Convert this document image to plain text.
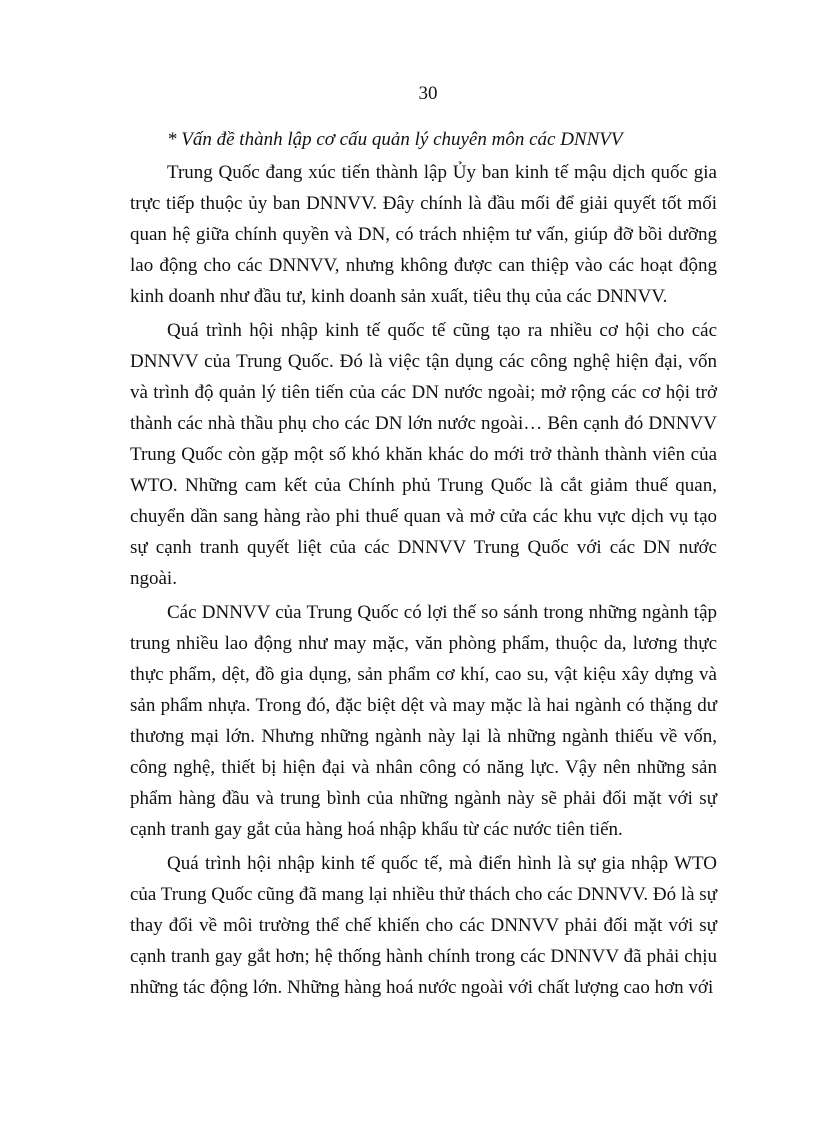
30

* Vấn đề thành lập cơ cấu quản lý chuyên môn các DNNVV

Trung Quốc đang xúc tiến thành lập Ủy ban kinh tế mậu dịch quốc gia trực tiếp thuộc ủy ban DNNVV. Đây chính là đầu mối để giải quyết tốt mối quan hệ giữa chính quyền và DN, có trách nhiệm tư vấn, giúp đỡ bồi dưỡng lao động cho các DNNVV, nhưng không được can thiệp vào các hoạt động kinh doanh như đầu tư, kinh doanh sản xuất, tiêu thụ của các DNNVV.

Quá trình hội nhập kinh tế quốc tế cũng tạo ra nhiều cơ hội cho các DNNVV của Trung Quốc. Đó là việc tận dụng các công nghệ hiện đại, vốn và trình độ quản lý tiên tiến của các DN nước ngoài; mở rộng các cơ hội trở thành các nhà thầu phụ cho các DN lớn nước ngoài… Bên cạnh đó DNNVV Trung Quốc còn gặp một số khó khăn khác do mới trở thành thành viên của WTO. Những cam kết của Chính phủ Trung Quốc là cắt giảm thuế quan, chuyển dần sang hàng rào phi thuế quan và mở cửa các khu vực dịch vụ tạo sự cạnh tranh quyết liệt của các DNNVV Trung Quốc với các DN nước ngoài.

Các DNNVV của Trung Quốc có lợi thế so sánh trong những ngành tập trung nhiều lao động như may mặc, văn phòng phẩm, thuộc da, lương thực thực phẩm, dệt, đồ gia dụng, sản phẩm cơ khí, cao su, vật kiệu xây dựng và sản phẩm nhựa. Trong đó, đặc biệt dệt và may mặc là hai ngành có thặng dư thương mại lớn. Nhưng những ngành này lại là những ngành thiếu về vốn, công nghệ, thiết bị hiện đại và nhân công có năng lực. Vậy nên những sản phẩm hàng đầu và trung bình của những ngành này sẽ phải đối mặt với sự cạnh tranh gay gắt của hàng hoá nhập khẩu từ các nước tiên tiến.

Quá trình hội nhập kinh tế quốc tế, mà điển hình là sự gia nhập WTO của Trung Quốc cũng đã mang lại nhiều thử thách cho các DNNVV. Đó là sự thay đổi về môi trường thể chế khiến cho các DNNVV phải đối mặt với sự cạnh tranh gay gắt hơn; hệ thống hành chính trong các DNNVV đã phải chịu những tác động lớn. Những hàng hoá nước ngoài với chất lượng cao hơn với
